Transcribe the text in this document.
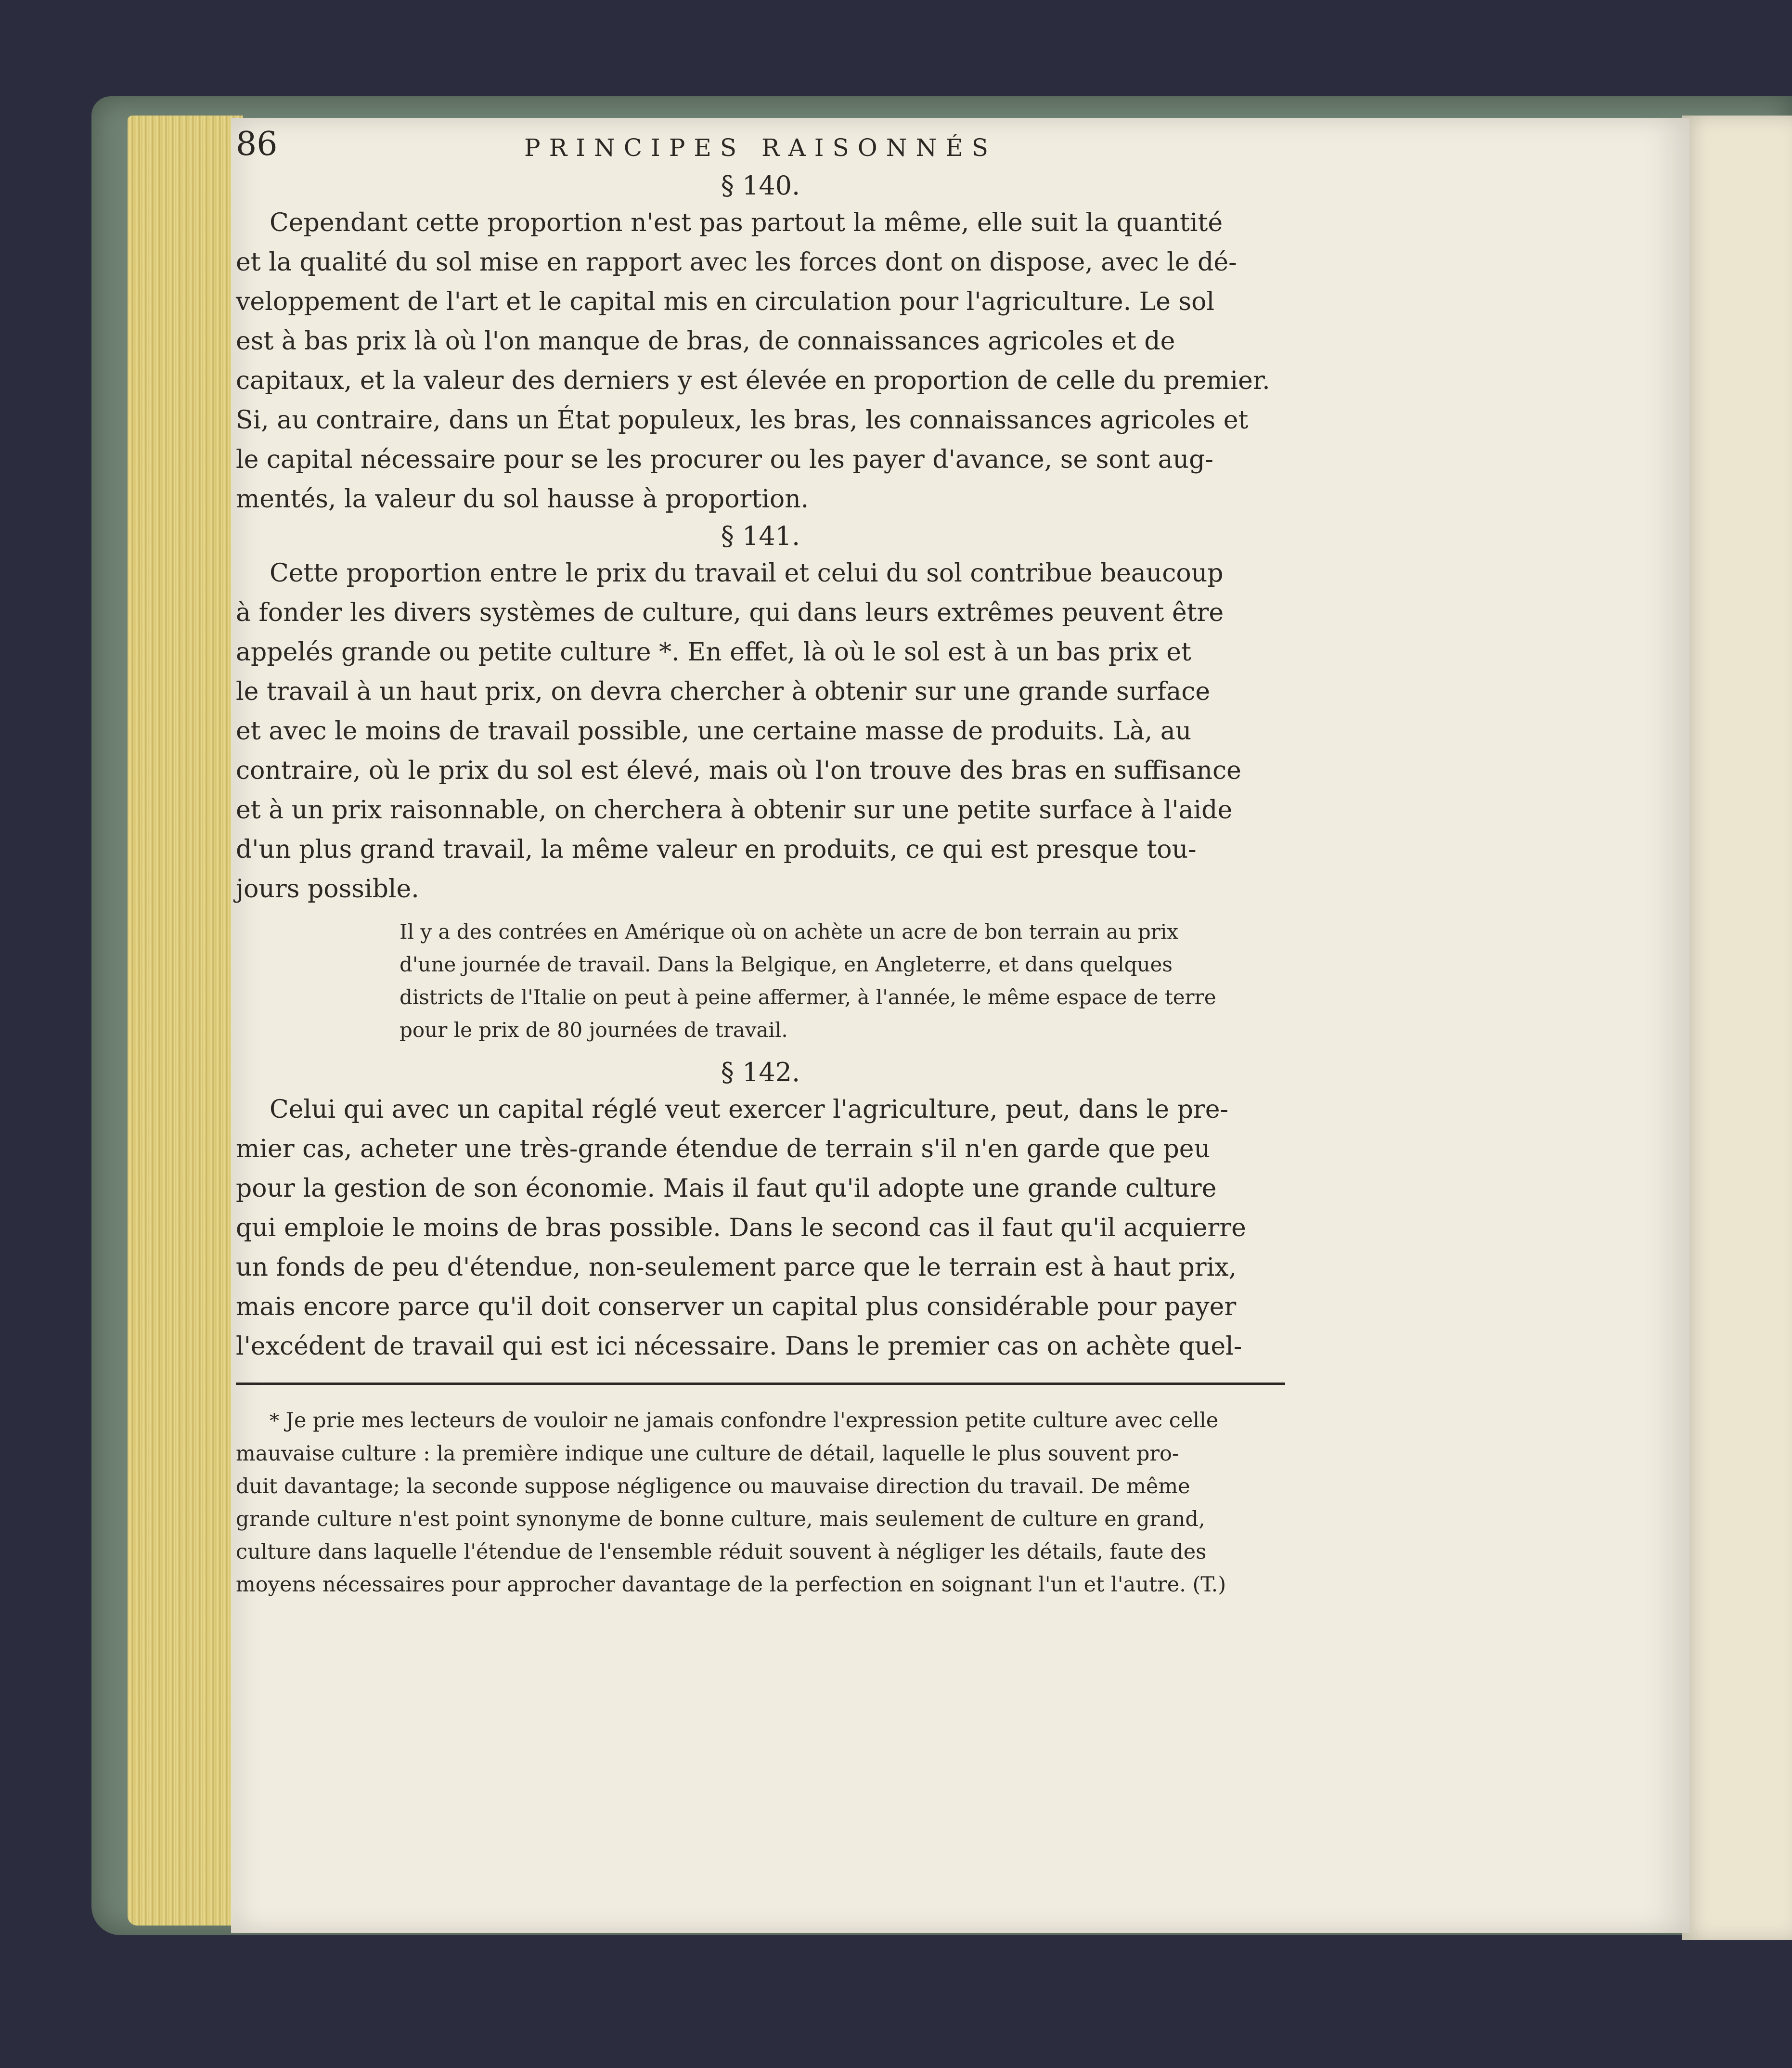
86	PRINCIPES RAISONNÉS

§ 140.

Cependant cette proportion n'est pas partout la même, elle suit la quantité
et la qualité du sol mise en rapport avec les forces dont on dispose, avec le dé-
veloppement de l'art et le capital mis en circulation pour l'agriculture. Le sol
est à bas prix là où l'on manque de bras, de connaissances agricoles et de
capitaux, et la valeur des derniers y est élevée en proportion de celle du premier.
Si, au contraire, dans un État populeux, les bras, les connaissances agricoles et
le capital nécessaire pour se les procurer ou les payer d'avance, se sont aug-
mentés, la valeur du sol hausse à proportion.

§ 141.

Cette proportion entre le prix du travail et celui du sol contribue beaucoup
à fonder les divers systèmes de culture, qui dans leurs extrêmes peuvent être
appelés grande ou petite culture *. En effet, là où le sol est à un bas prix et
le travail à un haut prix, on devra chercher à obtenir sur une grande surface
et avec le moins de travail possible, une certaine masse de produits. Là, au
contraire, où le prix du sol est élevé, mais où l'on trouve des bras en suffisance
et à un prix raisonnable, on cherchera à obtenir sur une petite surface à l'aide
d'un plus grand travail, la même valeur en produits, ce qui est presque tou-
jours possible.

Il y a des contrées en Amérique où on achète un acre de bon terrain au prix
d'une journée de travail. Dans la Belgique, en Angleterre, et dans quelques
districts de l'Italie on peut à peine affermer, à l'année, le même espace de terre
pour le prix de 80 journées de travail.

§ 142.

Celui qui avec un capital réglé veut exercer l'agriculture, peut, dans le pre-
mier cas, acheter une très-grande étendue de terrain s'il n'en garde que peu
pour la gestion de son économie. Mais il faut qu'il adopte une grande culture
qui emploie le moins de bras possible. Dans le second cas il faut qu'il acquierre
un fonds de peu d'étendue, non-seulement parce que le terrain est à haut prix,
mais encore parce qu'il doit conserver un capital plus considérable pour payer
l'excédent de travail qui est ici nécessaire. Dans le premier cas on achète quel-

* Je prie mes lecteurs de vouloir ne jamais confondre l'expression petite culture avec celle
mauvaise culture : la première indique une culture de détail, laquelle le plus souvent pro-
duit davantage; la seconde suppose négligence ou mauvaise direction du travail. De même
grande culture n'est point synonyme de bonne culture, mais seulement de culture en grand,
culture dans laquelle l'étendue de l'ensemble réduit souvent à négliger les détails, faute des
moyens nécessaires pour approcher davantage de la perfection en soignant l'un et l'autre. (T.)
